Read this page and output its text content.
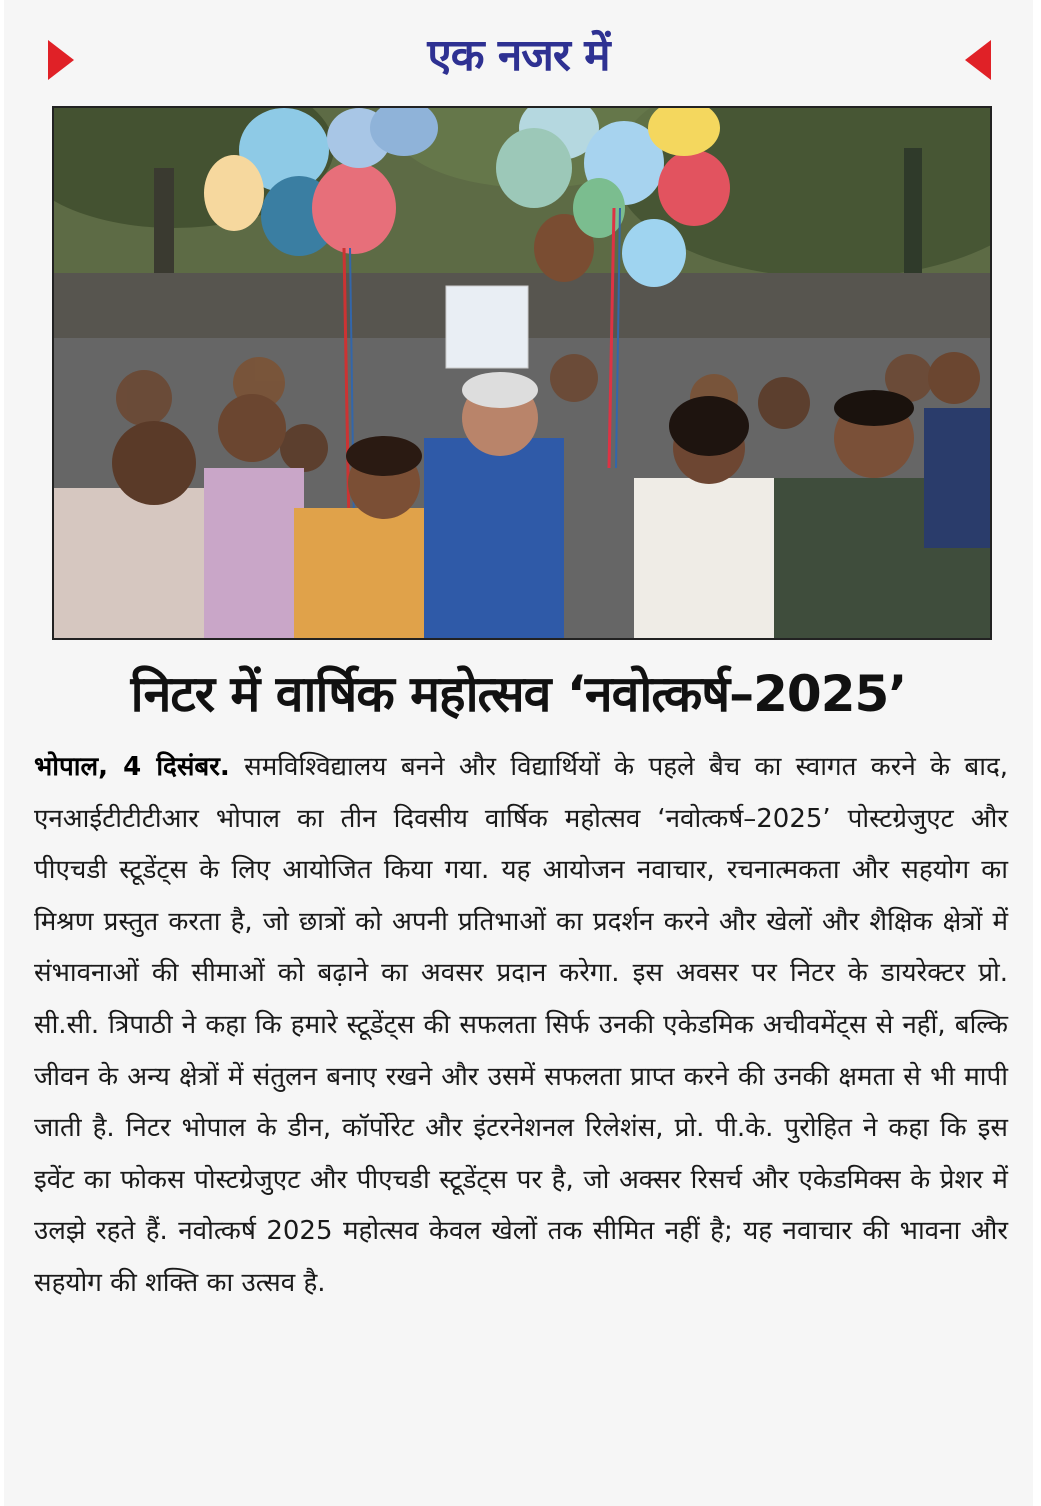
एक नजर में
निटर में वार्षिक महोत्सव ‘नवोत्कर्ष–2025’

भोपाल, 4 दिसंबर. समविश्विद्यालय बनने और विद्यार्थियों के पहले बैच का स्वागत करने के बाद, एनआईटीटीटीआर भोपाल का तीन दिवसीय वार्षिक महोत्सव ‘नवोत्कर्ष–2025’ पोस्टग्रेजुएट और पीएचडी स्टूडेंट्स के लिए आयोजित किया गया. यह आयोजन नवाचार, रचनात्मकता और सहयोग का मिश्रण प्रस्तुत करता है, जो छात्रों को अपनी प्रतिभाओं का प्रदर्शन करने और खेलों और शैक्षिक क्षेत्रों में संभावनाओं की सीमाओं को बढ़ाने का अवसर प्रदान करेगा. इस अवसर पर निटर के डायरेक्टर प्रो. सी.सी. त्रिपाठी ने कहा कि हमारे स्टूडेंट्स की सफलता सिर्फ उनकी एकेडमिक अचीवमेंट्स से नहीं, बल्कि जीवन के अन्य क्षेत्रों में संतुलन बनाए रखने और उसमें सफलता प्राप्त करने की उनकी क्षमता से भी मापी जाती है. निटर भोपाल के डीन, कॉर्पोरेट और इंटरनेशनल रिलेशंस, प्रो. पी.के. पुरोहित ने कहा कि इस इवेंट का फोकस पोस्टग्रेजुएट और पीएचडी स्टूडेंट्स पर है, जो अक्सर रिसर्च और एकेडमिक्स के प्रेशर में उलझे रहते हैं. नवोत्कर्ष 2025 महोत्सव केवल खेलों तक सीमित नहीं है; यह नवाचार की भावना और सहयोग की शक्ति का उत्सव है.
